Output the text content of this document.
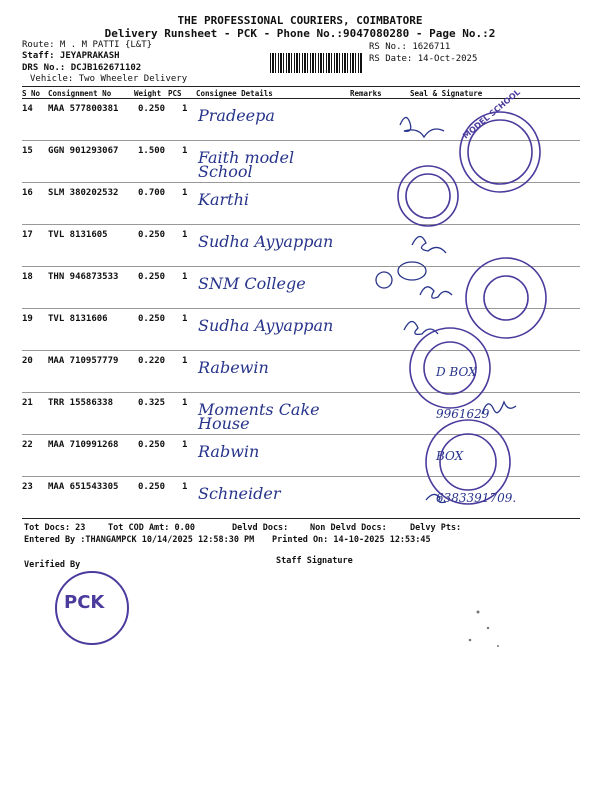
THE PROFESSIONAL COURIERS, COIMBATORE
Delivery Runsheet - PCK - Phone No.:9047080280 - Page No.:2
Route: M . M PATTI {L&T}
Staff: JEYAPRAKASH
DRS No.: DCJB162671102
Vehicle: Two Wheeler Delivery
RS No.: 1626711
RS Date: 14-Oct-2025
S No Consignment No	Weight PCS Consignee Details	Remarks	Seal & Signature
14 MAA 577800381 0.250 1 Pradeepa
15 GGN 901293067 1.500 1 Faith model School
16 SLM 380202532 0.700 1 Karthi
17 TVL 8131605	0.250 1 Sudha Ayyappan
18 THN 946873533 0.250 1 SNM College
19 TVL 8131606	0.250 1 Sudha Ayyappan
20 MAA 710957779 0.220 1 Rabewin	D BOX
21 TRR 15586338	0.325 1 Moments Cake House	9961629
22 MAA 710991268 0.250 1 Rabwin	BOX
23 MAA 651543305 0.250 1 Schneider	6383391709.
MODEL SCHOOL
PCK
Tot Docs: 23	Tot COD Amt: 0.00	Delvd Docs:	Non Delvd Docs:	Delvy Pts:
Entered By :THANGAMPCK 10/14/2025 12:58:30 PM Printed On: 14-10-2025 12:53:45
Verified By	Staff Signature
